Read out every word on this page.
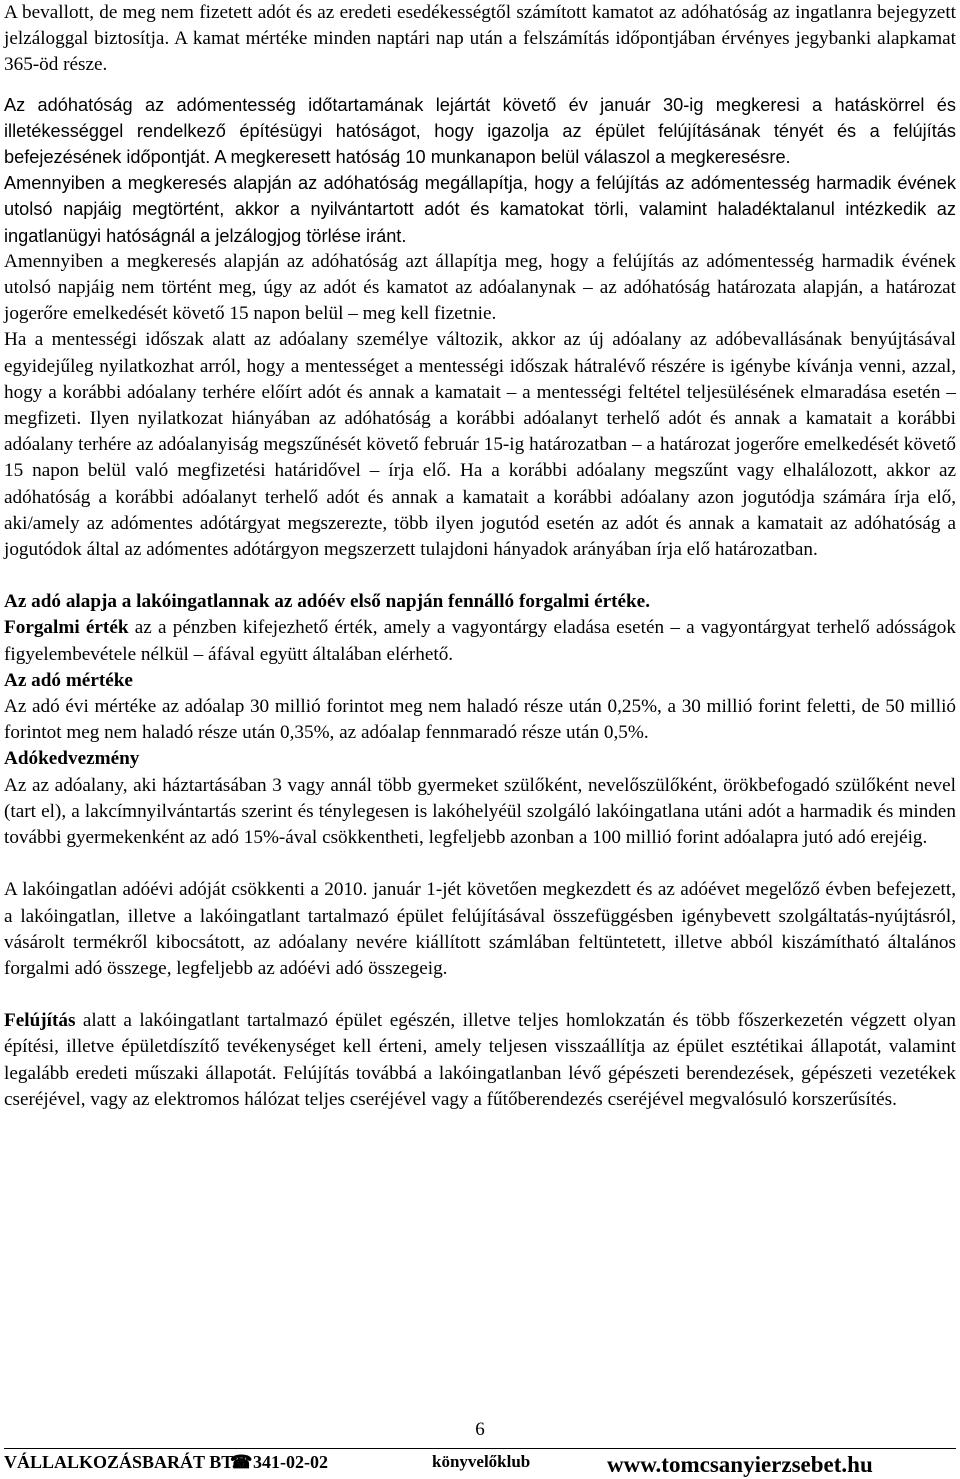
A bevallott, de meg nem fizetett adót és az eredeti esedékességtől számított kamatot az adóhatóság az ingatlanra bejegyzett jelzáloggal biztosítja. A kamat mértéke minden naptári nap után a felszámítás időpontjában érvényes jegybanki alapkamat 365-öd része.

Az adóhatóság az adómentesség időtartamának lejártát követő év január 30-ig megkeresi a hatáskörrel és illetékességgel rendelkező építésügyi hatóságot, hogy igazolja az épület felújításának tényét és a felújítás befejezésének időpontját. A megkeresett hatóság 10 munkanapon belül válaszol a megkeresésre.

Amennyiben a megkeresés alapján az adóhatóság megállapítja, hogy a felújítás az adómentesség harmadik évének utolsó napjáig megtörtént, akkor a nyilvántartott adót és kamatokat törli, valamint haladéktalanul intézkedik az ingatlanügyi hatóságnál a jelzálogjog törlése iránt.

Amennyiben a megkeresés alapján az adóhatóság azt állapítja meg, hogy a felújítás az adómentesség harmadik évének utolsó napjáig nem történt meg, úgy az adót és kamatot az adóalanynak – az adóhatóság határozata alapján, a határozat jogerőre emelkedését követő 15 napon belül – meg kell fizetnie.

Ha a mentességi időszak alatt az adóalany személye változik, akkor az új adóalany az adóbevallásának benyújtásával egyidejűleg nyilatkozhat arról, hogy a mentességet a mentességi időszak hátralévő részére is igénybe kívánja venni, azzal, hogy a korábbi adóalany terhére előírt adót és annak a kamatait – a mentességi feltétel teljesülésének elmaradása esetén – megfizeti. Ilyen nyilatkozat hiányában az adóhatóság a korábbi adóalanyt terhelő adót és annak a kamatait a korábbi adóalany terhére az adóalanyiság megszűnését követő február 15-ig határozatban – a határozat jogerőre emelkedését követő 15 napon belül való megfizetési határidővel – írja elő. Ha a korábbi adóalany megszűnt vagy elhalálozott, akkor az adóhatóság a korábbi adóalanyt terhelő adót és annak a kamatait a korábbi adóalany azon jogutódja számára írja elő, aki/amely az adómentes adótárgyat megszerezte, több ilyen jogutód esetén az adót és annak a kamatait az adóhatóság a jogutódok által az adómentes adótárgyon megszerzett tulajdoni hányadok arányában írja elő határozatban.

Az adó alapja a lakóingatlannak az adóév első napján fennálló forgalmi értéke.

Forgalmi érték az a pénzben kifejezhető érték, amely a vagyontárgy eladása esetén – a vagyontárgyat terhelő adósságok figyelembevétele nélkül – áfával együtt általában elérhető.

Az adó mértéke

Az adó évi mértéke az adóalap 30 millió forintot meg nem haladó része után 0,25%, a 30 millió forint feletti, de 50 millió forintot meg nem haladó része után 0,35%, az adóalap fennmaradó része után 0,5%.

Adókedvezmény

Az az adóalany, aki háztartásában 3 vagy annál több gyermeket szülőként, nevelőszülőként, örökbefogadó szülőként nevel (tart el), a lakcímnyilvántartás szerint és ténylegesen is lakóhelyéül szolgáló lakóingatlana utáni adót a harmadik és minden további gyermekenként az adó 15%-ával csökkentheti, legfeljebb azonban a 100 millió forint adóalapra jutó adó erejéig.

A lakóingatlan adóévi adóját csökkenti a 2010. január 1-jét követően megkezdett és az adóévet megelőző évben befejezett, a lakóingatlan, illetve a lakóingatlant tartalmazó épület felújításával összefüggésben igénybevett szolgáltatás-nyújtásról, vásárolt termékről kibocsátott, az adóalany nevére kiállított számlában feltüntetett, illetve abból kiszámítható általános forgalmi adó összege, legfeljebb az adóévi adó összegeig.

Felújítás alatt a lakóingatlant tartalmazó épület egészén, illetve teljes homlokzatán és több főszerkezetén végzett olyan építési, illetve épületdíszítő tevékenységet kell érteni, amely teljesen visszaállítja az épület esztétikai állapotát, valamint legalább eredeti műszaki állapotát. Felújítás továbbá a lakóingatlanban lévő gépészeti berendezések, gépészeti vezetékek cseréjével, vagy az elektromos hálózat teljes cseréjével vagy a fűtőberendezés cseréjével megvalósuló korszerűsítés.

6
VÁLLALKOZÁSBARÁT BT.
☎ 341-02-02	könyvelőklub	www.tomcsanyierzsebet.hu
